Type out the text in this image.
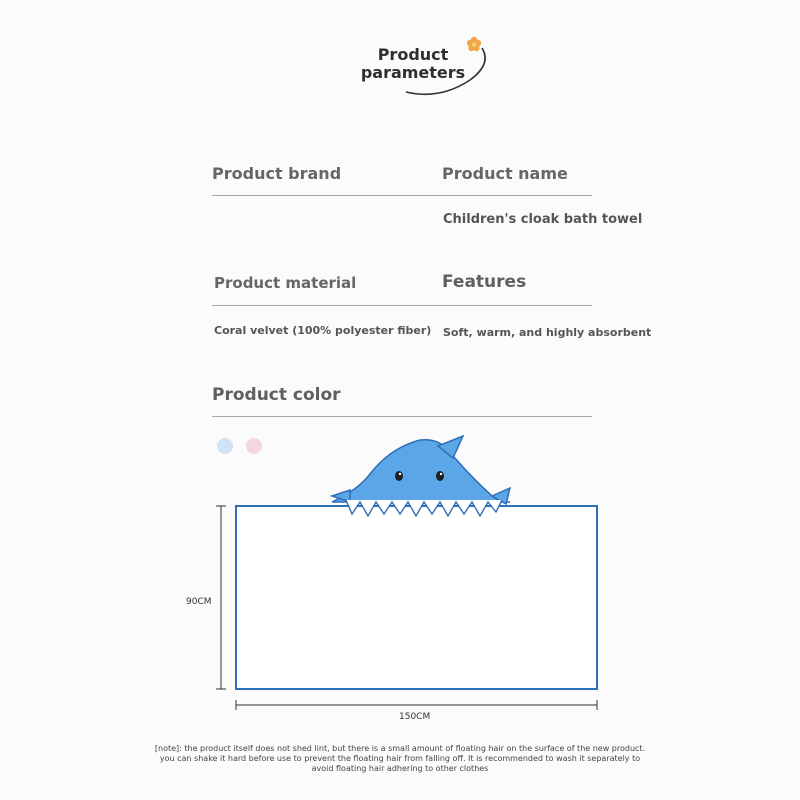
Product
parameters
Product brand	Product name
Children's cloak bath towel
Product material	Features
Coral velvet (100% polyester fiber) Soft, warm, and highly absorbent
Product color
90CM
150CM
[note]: the product itself does not shed lint, but there is a small amount of floating hair on the surface of the new product.
you can shake it hard before use to prevent the floating hair from falling off. It is recommended to wash it separately to
avoid floating hair adhering to other clothes
